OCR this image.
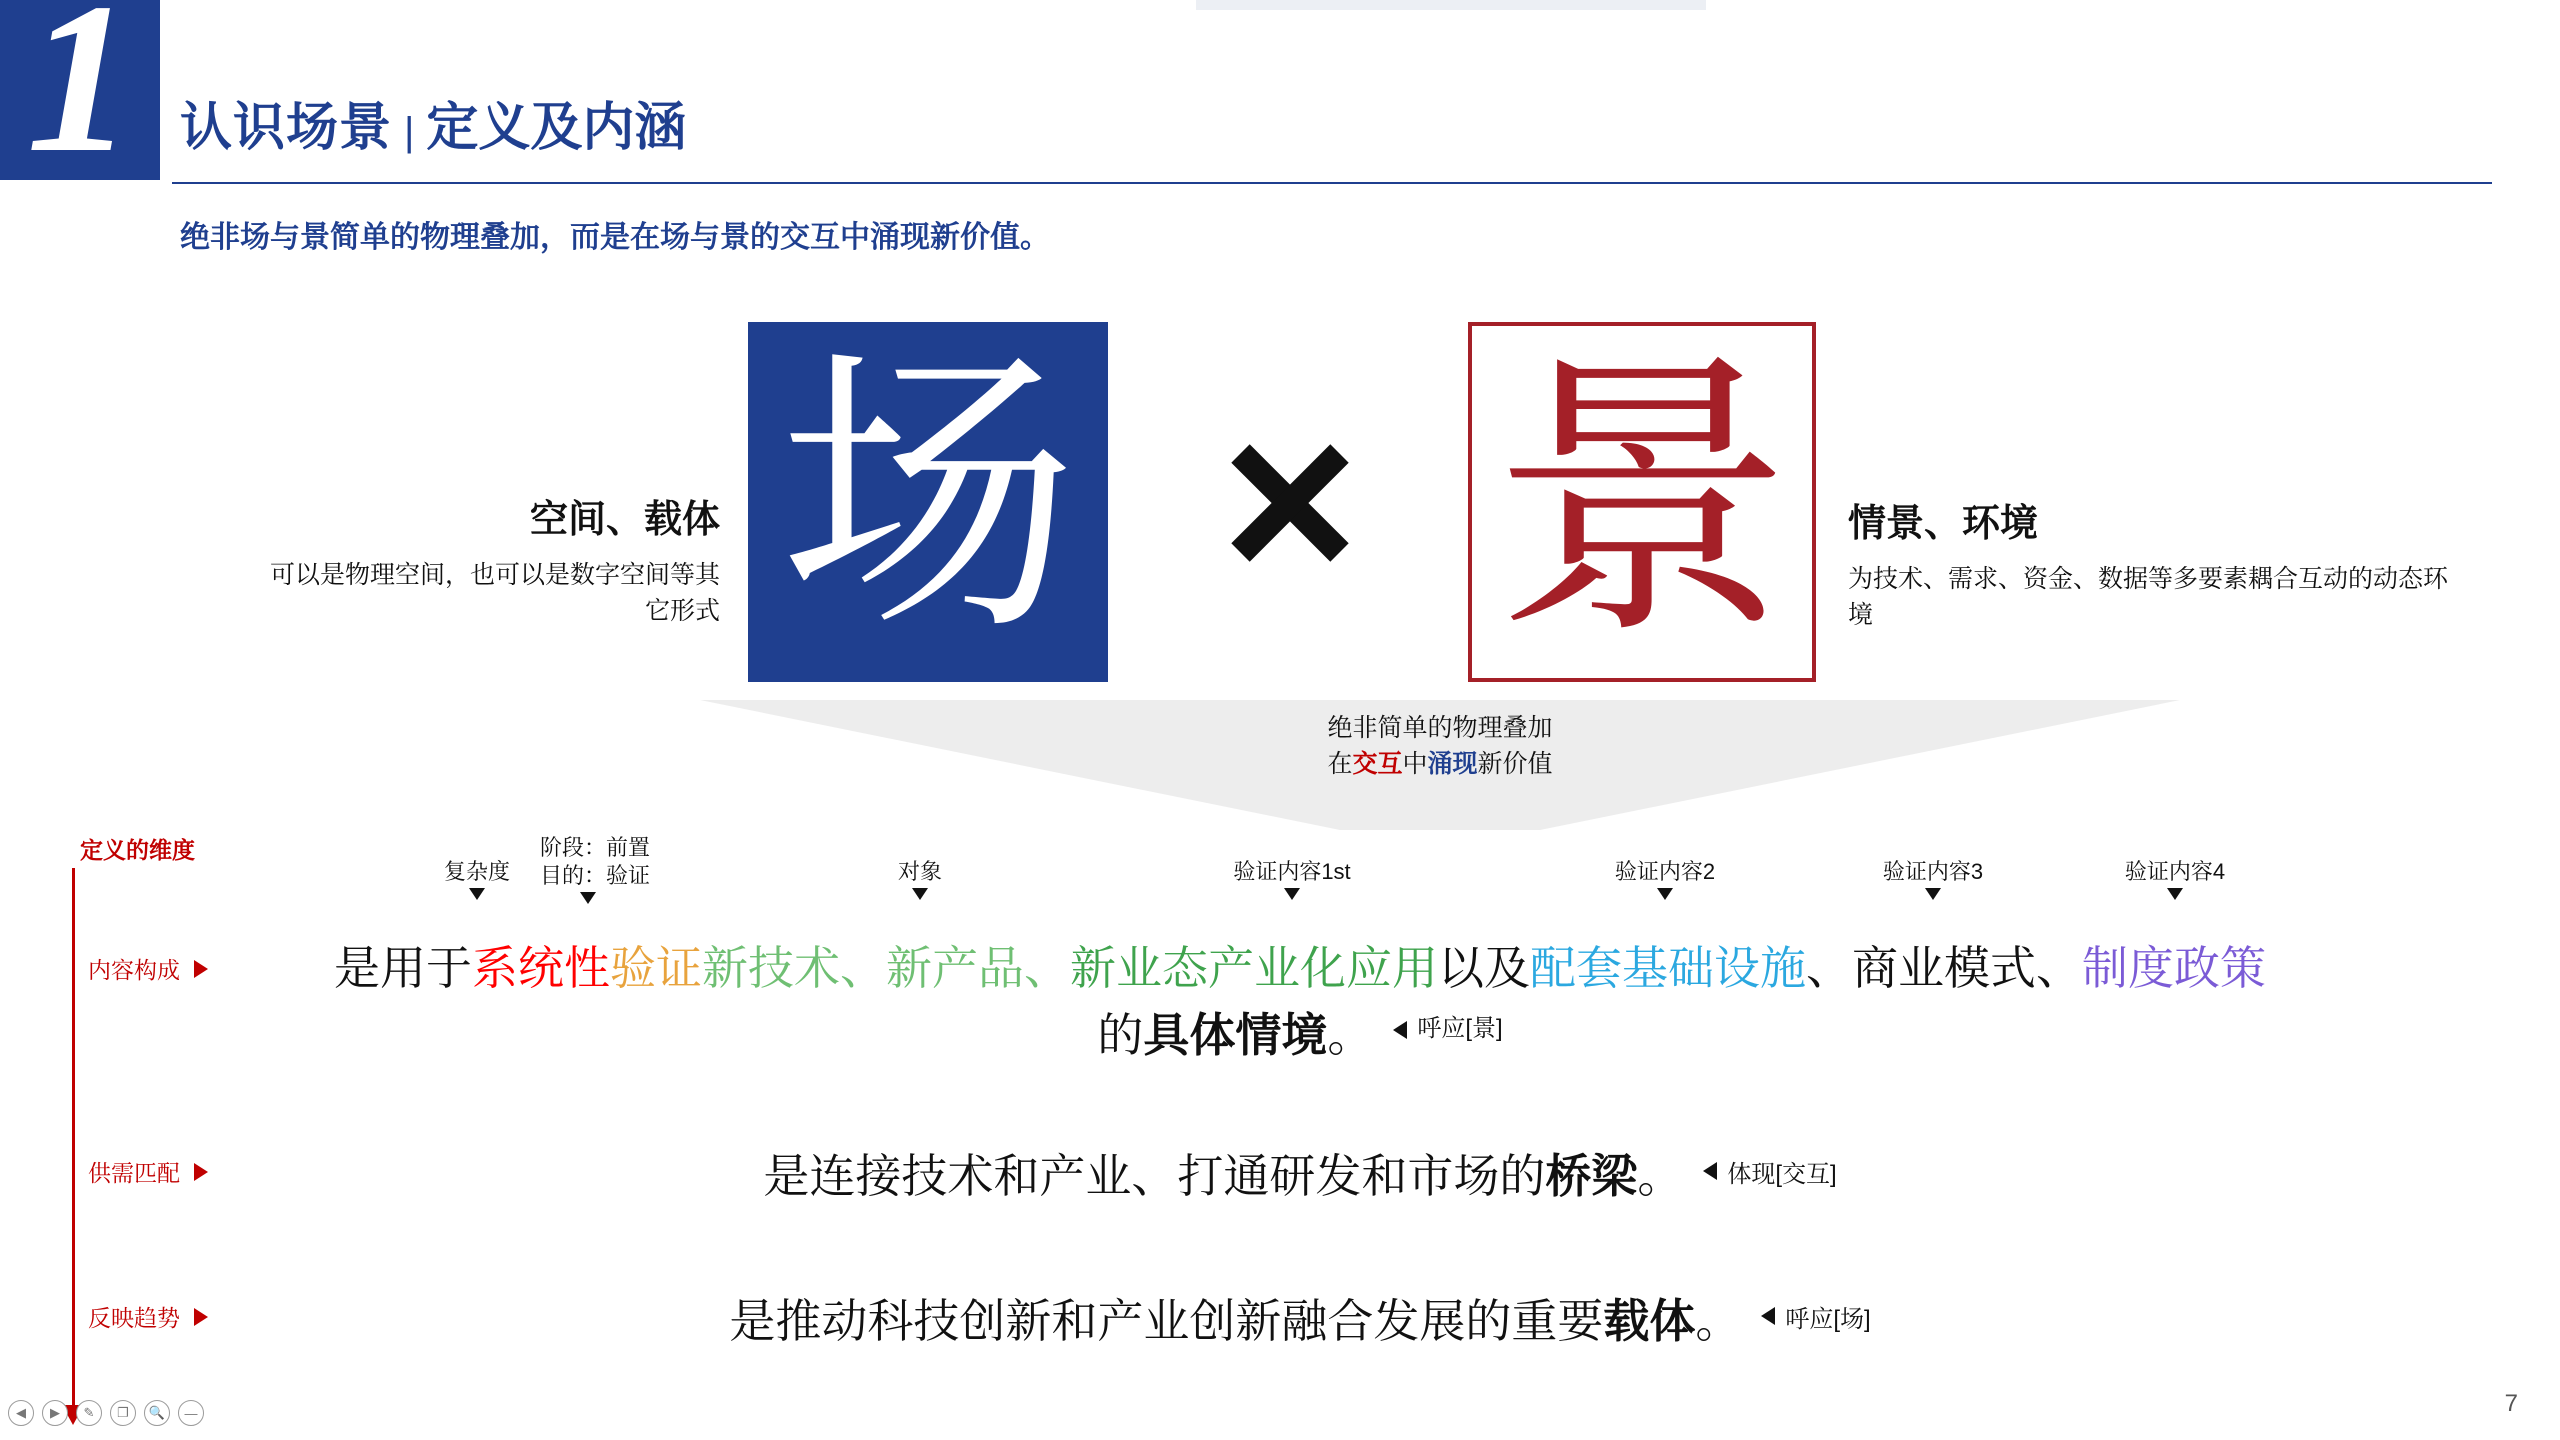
1 认识场景 | 定义及内涵
绝非场与景简单的物理叠加，而是在场与景的交互中涌现新价值。
空间、载体
可以是物理空间，也可以是数字空间等其它形式 场 景	情景、环境
为技术、需求、资金、数据等多要素耦合互动的动态环境
绝非简单的物理叠加
在交互中涌现新价值
定义的维度
内容构成
供需匹配
反映趋势
复杂度
阶段：前置
目的：验证	对象	验证内容1st	验证内容2	验证内容3	验证内容4
是用于系统性验证新技术、新产品、新业态产业化应用以及配套基础设施、商业模式、制度政策
的具体情境。 呼应[景]
是连接技术和产业、打通研发和市场的桥梁。 体现[交互]
是推动科技创新和产业创新融合发展的重要载体。 呼应[场]
7
◀	▶	✎	❐	🔍	—
